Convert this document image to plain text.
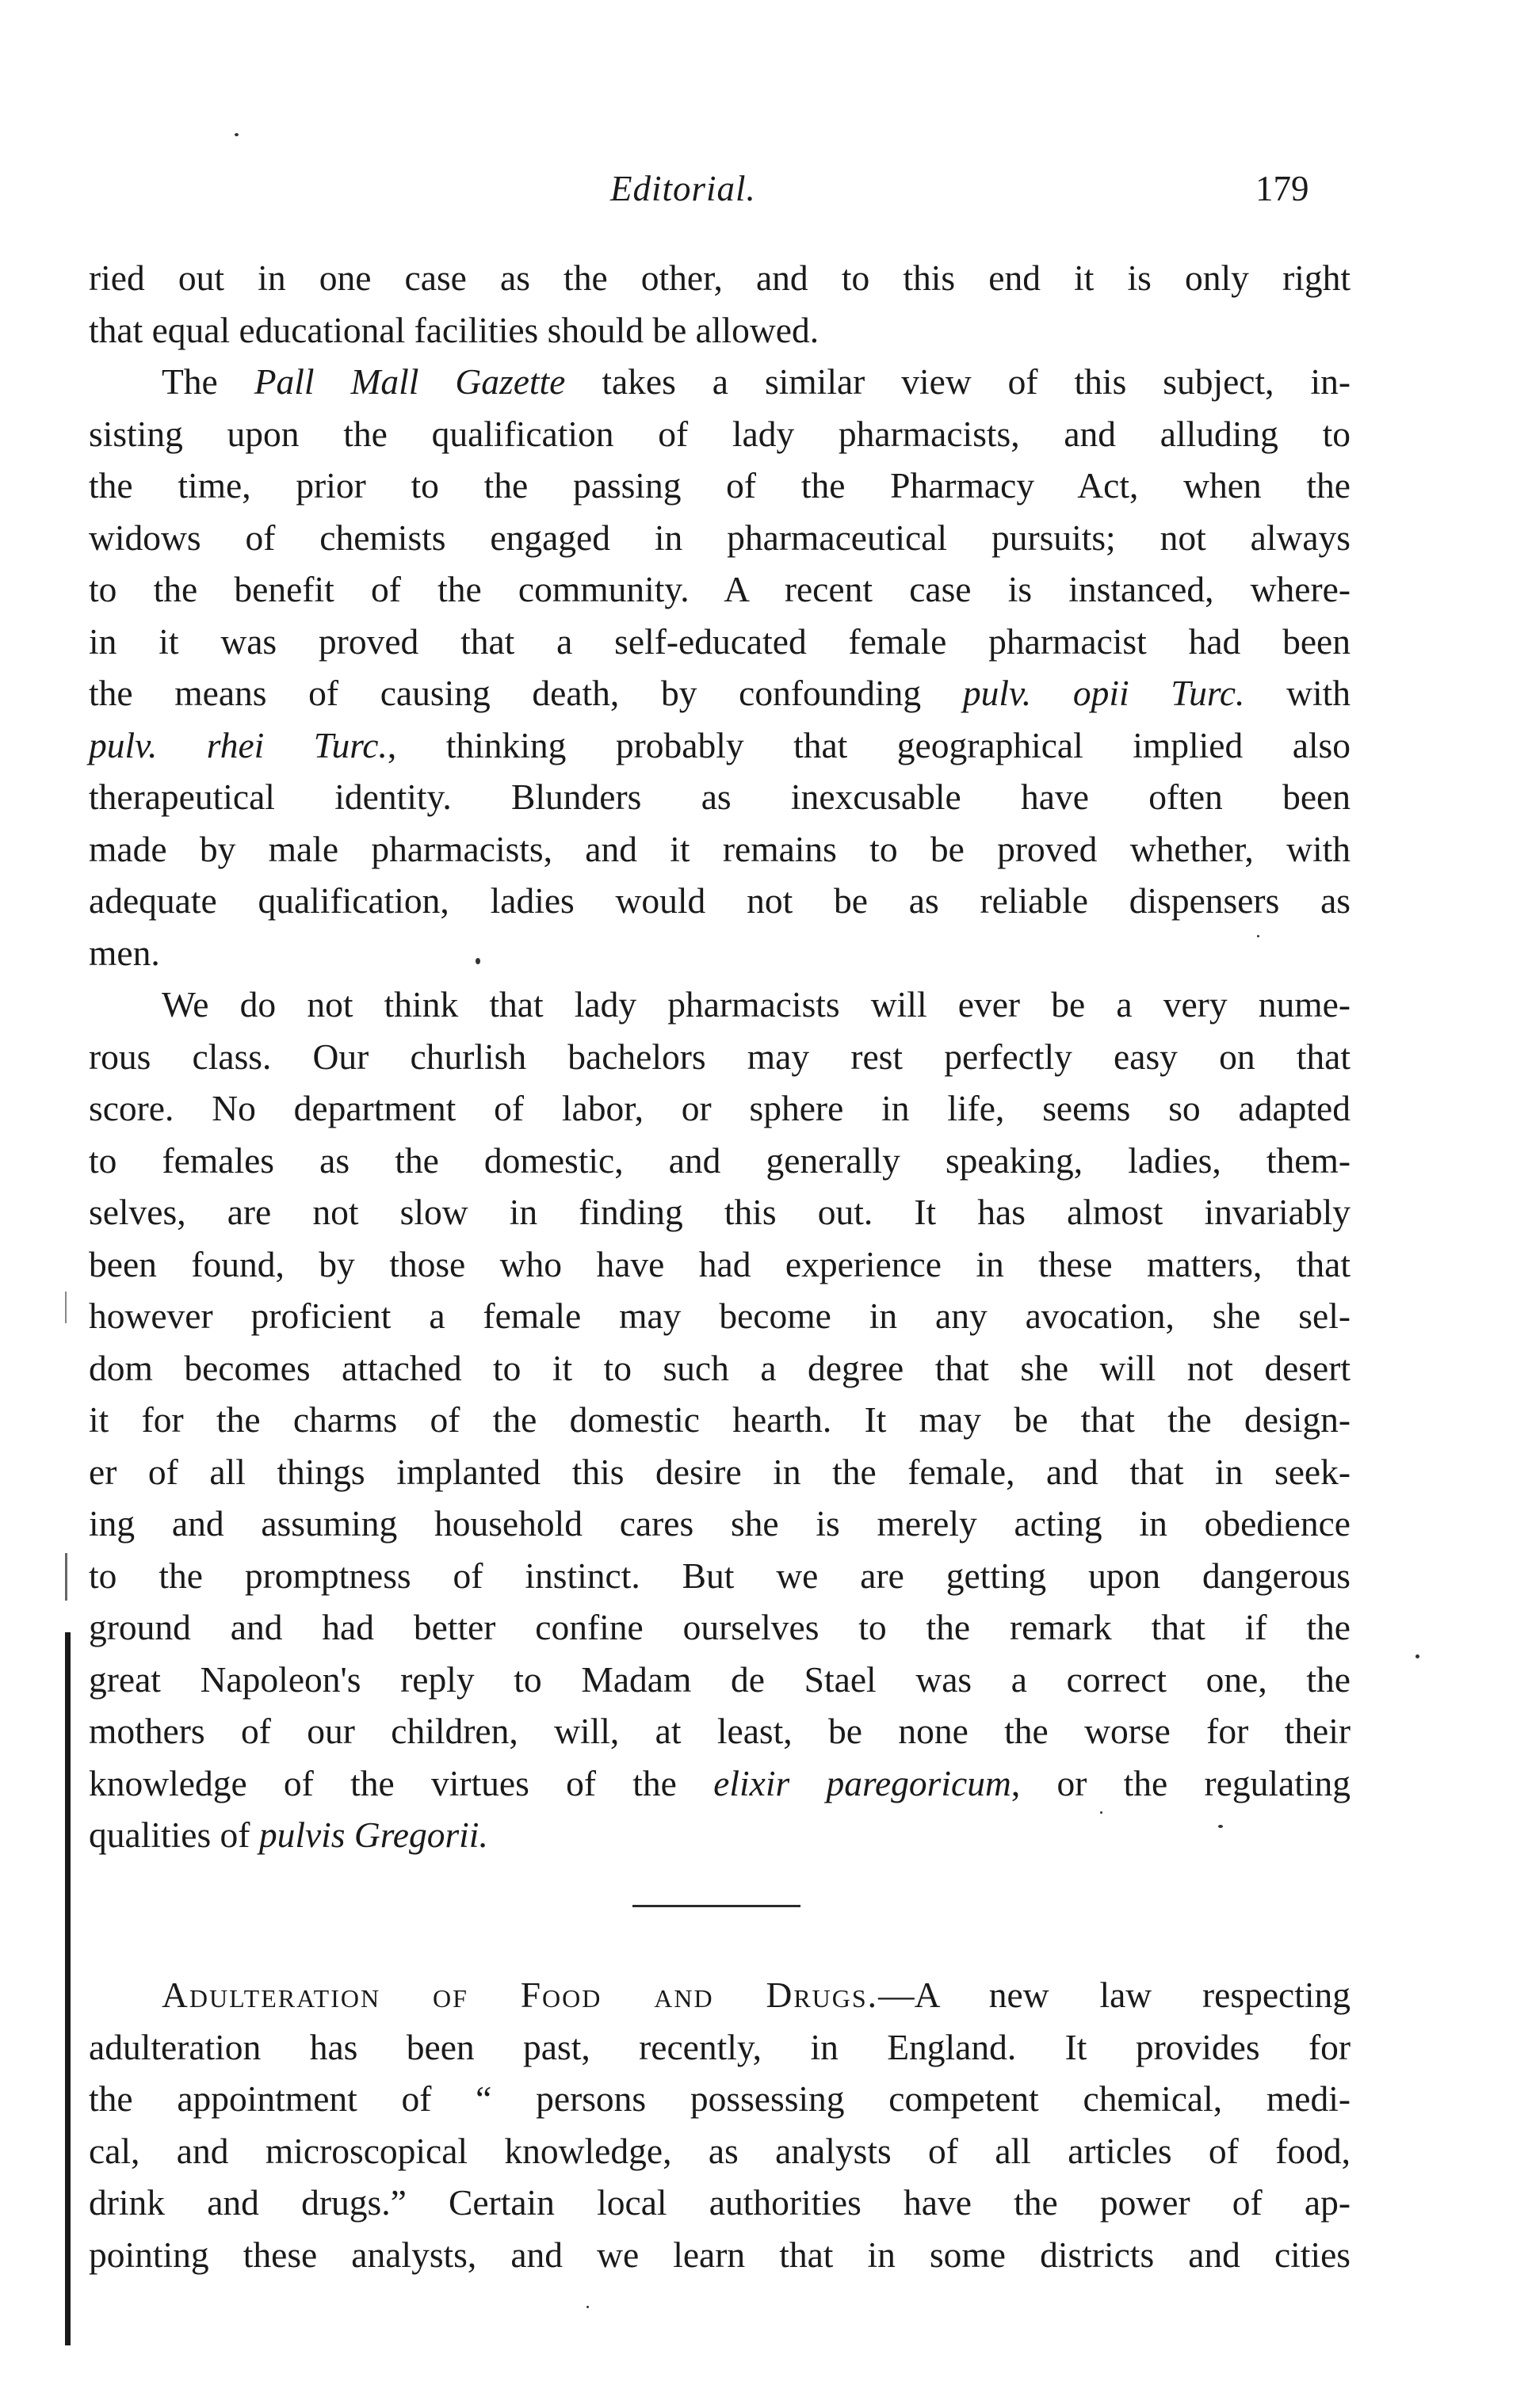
Editorial.	179
ried out in one case as the other, and to this end it is only right
that equal educational facilities should be allowed.
The Pall Mall Gazette takes a similar view of this subject, in-
sisting upon the qualification of lady pharmacists, and alluding to
the time, prior to the passing of the Pharmacy Act, when the
widows of chemists engaged in pharmaceutical pursuits; not always
to the benefit of the community. A recent case is instanced, where-
in it was proved that a self-educated female pharmacist had been
the means of causing death, by confounding pulv. opii Turc. with
pulv. rhei Turc., thinking probably that geographical implied also
therapeutical identity. Blunders as inexcusable have often been
made by male pharmacists, and it remains to be proved whether, with
adequate qualification, ladies would not be as reliable dispensers as
men.
We do not think that lady pharmacists will ever be a very nume-
rous class. Our churlish bachelors may rest perfectly easy on that
score. No department of labor, or sphere in life, seems so adapted
to females as the domestic, and generally speaking, ladies, them-
selves, are not slow in finding this out. It has almost invariably
been found, by those who have had experience in these matters, that
however proficient a female may become in any avocation, she sel-
dom becomes attached to it to such a degree that she will not desert
it for the charms of the domestic hearth. It may be that the design-
er of all things implanted this desire in the female, and that in seek-
ing and assuming household cares she is merely acting in obedience
to the promptness of instinct. But we are getting upon dangerous
ground and had better confine ourselves to the remark that if the
great Napoleon's reply to Madam de Stael was a correct one, the
mothers of our children, will, at least, be none the worse for their
knowledge of the virtues of the elixir paregoricum, or the regulating
qualities of pulvis Gregorii.
Adulteration of Food and Drugs.—A new law respecting
adulteration has been past, recently, in England. It provides for
the appointment of “ persons possessing competent chemical, medi-
cal, and microscopical knowledge, as analysts of all articles of food,
drink and drugs.” Certain local authorities have the power of ap-
pointing these analysts, and we learn that in some districts and cities
